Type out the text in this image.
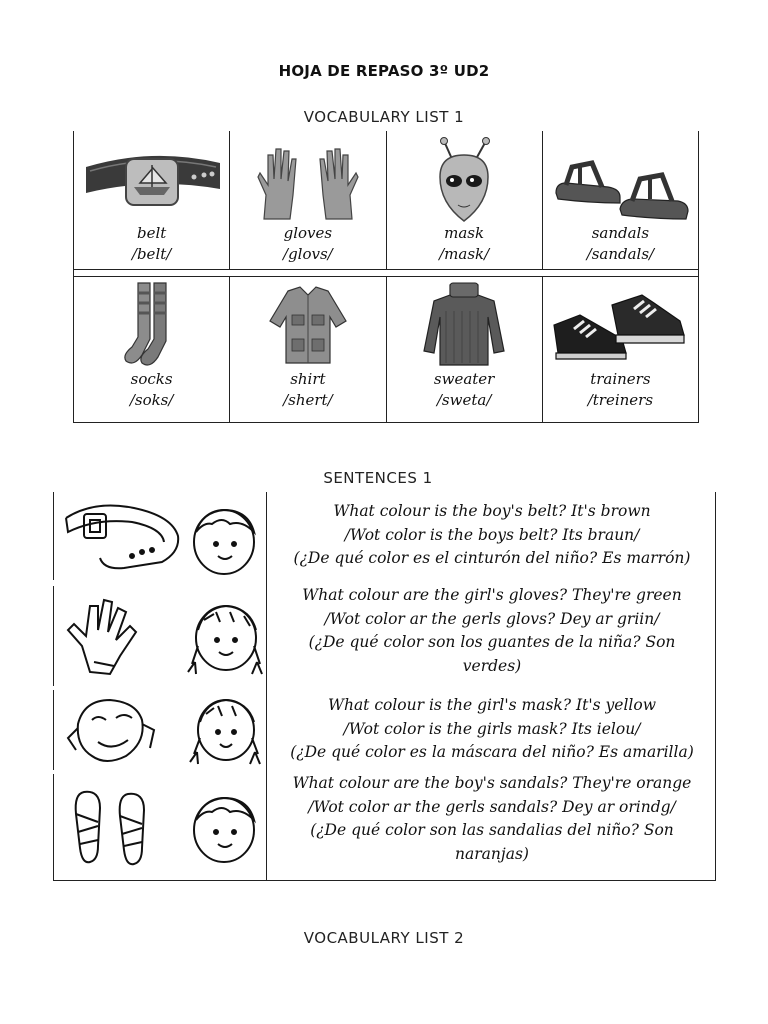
HOJA DE REPASO 3º UD2
VOCABULARY LIST 1
belt
/belt/
gloves
/glovs/
mask
/mask/
sandals
/sandals/
socks
/soks/
shirt
/shert/
sweater
/sweta/
trainers
/treiners
SENTENCES 1
What colour is the boy's belt? It's brown
/Wot color is the boys belt? Its braun/
(¿De qué color es el cinturón del niño? Es marrón)
What colour are the girl's gloves? They're green
/Wot color ar the gerls glovs? Dey ar griin/
(¿De qué color son los guantes de la niña? Son
verdes)
What colour is the girl's mask? It's yellow
/Wot color is the girls mask? Its ielou/
(¿De qué color es la máscara del niño? Es amarilla)
What colour are the boy's sandals? They're orange
/Wot color ar the gerls sandals? Dey ar orindg/
(¿De qué color son las sandalias del niño? Son
naranjas)
VOCABULARY LIST 2
